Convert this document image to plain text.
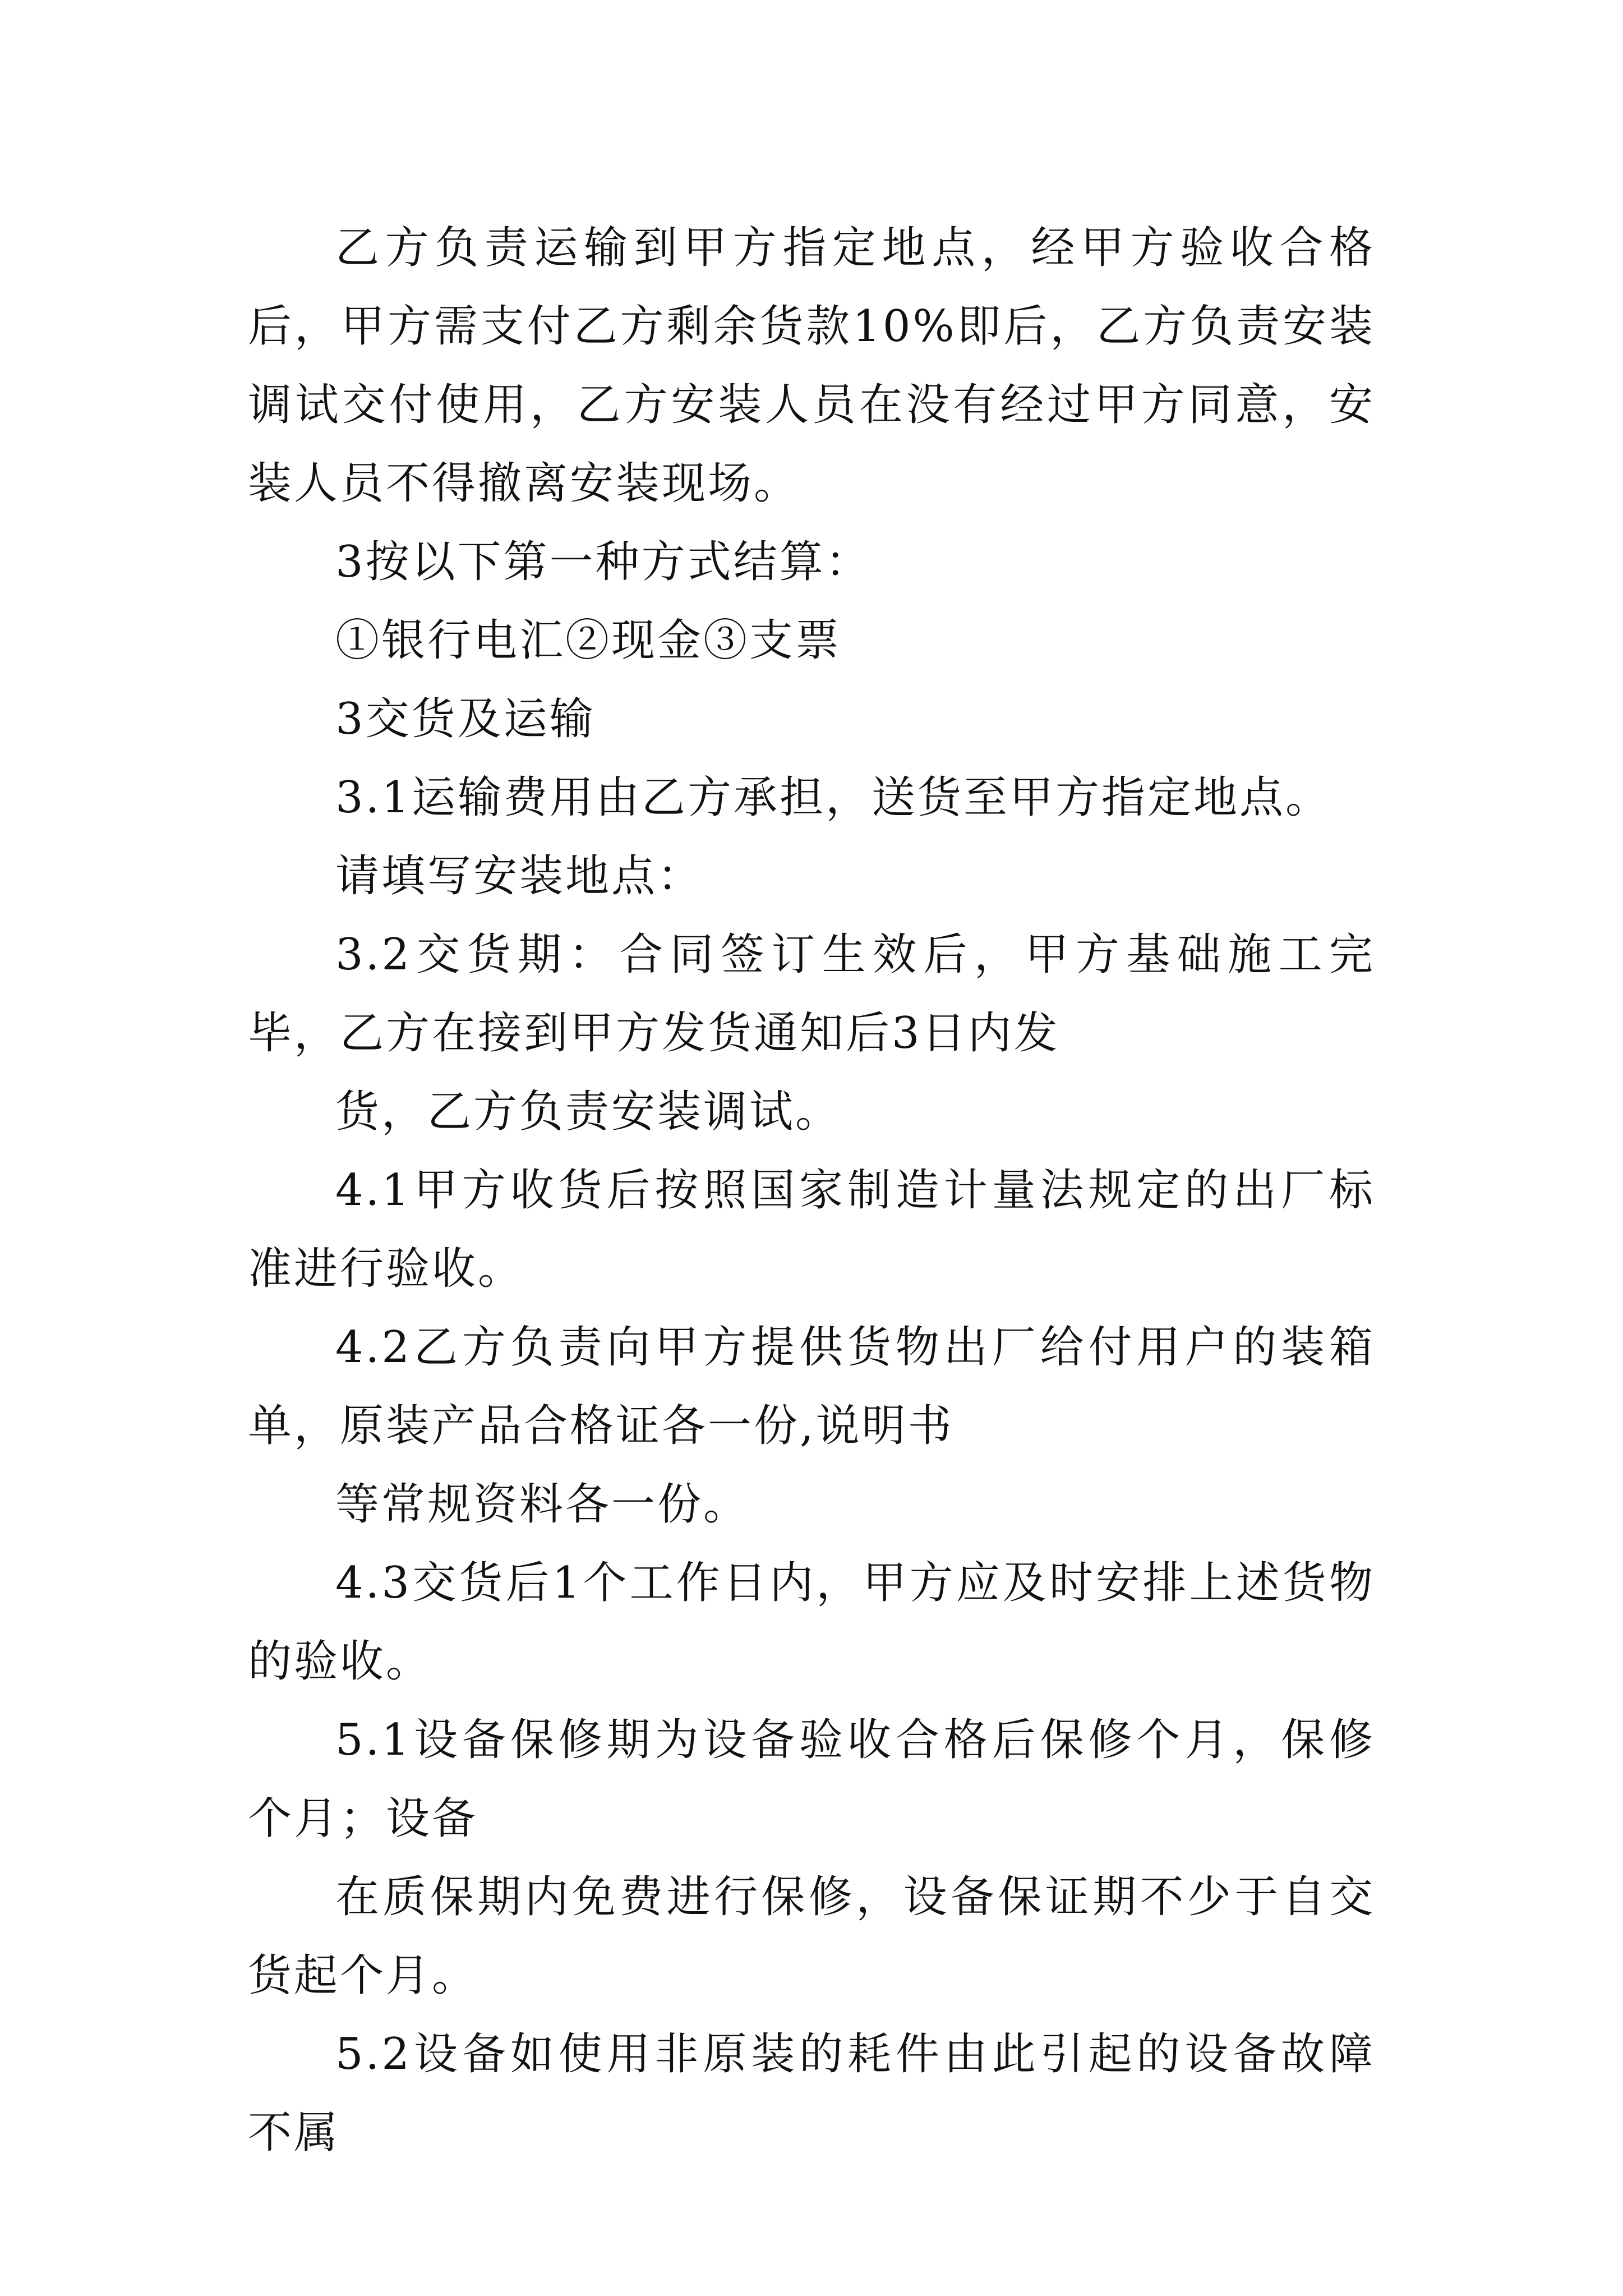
乙方负责运输到甲方指定地点，经甲方验收合格后，甲方需支付乙方剩余货款10%即后，乙方负责安装调试交付使用，乙方安装人员在没有经过甲方同意，安装人员不得撤离安装现场。

3按以下第一种方式结算：

①银行电汇②现金③支票

3交货及运输

3.1运输费用由乙方承担，送货至甲方指定地点。

请填写安装地点：

3.2交货期：合同签订生效后，甲方基础施工完毕，乙方在接到甲方发货通知后3日内发

货，乙方负责安装调试。

4.1甲方收货后按照国家制造计量法规定的出厂标准进行验收。

4.2乙方负责向甲方提供货物出厂给付用户的装箱单，原装产品合格证各一份,说明书

等常规资料各一份。

4.3交货后1个工作日内，甲方应及时安排上述货物的验收。

5.1设备保修期为设备验收合格后保修个月，保修个月；设备

在质保期内免费进行保修，设备保证期不少于自交货起个月。

5.2设备如使用非原装的耗件由此引起的设备故障不属
